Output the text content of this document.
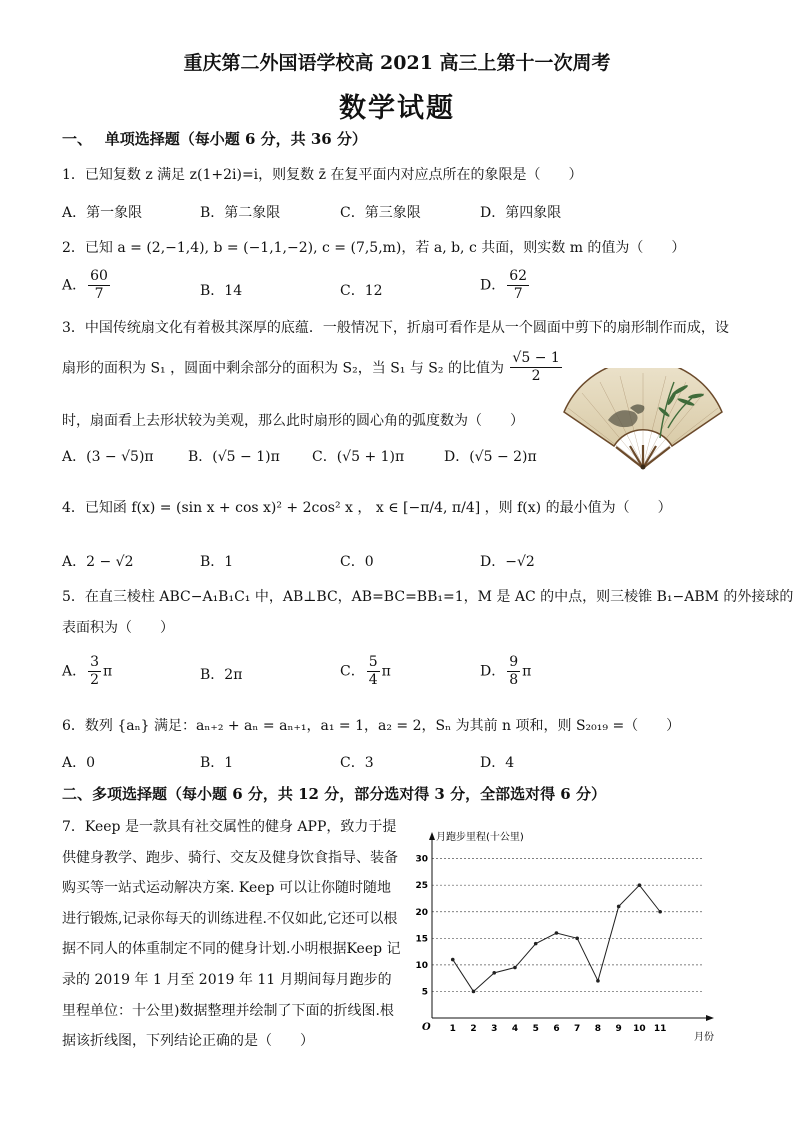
重庆第二外国语学校高 2021 高三上第十一次周考
数学试题
一、　 单项选择题（每小题 6 分，共 36 分）
1．已知复数 z 满足 z(1+2i)=i，则复数 z̄ 在复平面内对应点所在的象限是（　　）
A．第一象限	B．第二象限	C．第三象限	D．第四象限
2．已知 a = (2,−1,4), b = (−1,1,−2), c = (7,5,m)，若 a, b, c 共面，则实数 m 的值为（　　）
A． $\frac{60}{7}$	B．14	C．12	D． $\frac{62}{7}$
3．中国传统扇文化有着极其深厚的底蕴．一般情况下，折扇可看作是从一个圆面中剪下的扇形制作而成，设
扇形的面积为 S₁ ，圆面中剩余部分的面积为 S₂，当 S₁ 与 S₂ 的比值为 $\frac{√5 - 1}{2}$
时，扇面看上去形状较为美观，那么此时扇形的圆心角的弧度数为（　　）
A．(3 − √5)π B．(√5 − 1)π C．(√5 + 1)π	D．(√5 − 2)π
4．已知函 f(x) = (sin x + cos x)² + 2cos² x ， x ∈ [−π/4, π/4] ，则 f(x) 的最小值为（　　）
A．2 − √2	B．1	C．0	D．−√2
5．在直三棱柱 ABC−A₁B₁C₁ 中，AB⊥BC，AB=BC=BB₁=1，M 是 AC 的中点，则三棱锥 B₁−ABM 的外接球的
表面积为（　　）
A． $\frac{3}{2}$ π	B．2π	C． $\frac{5}{4}$ π	D． $\frac{9}{8}$ π
6．数列 {aₙ} 满足：aₙ₊₂ + aₙ = aₙ₊₁，a₁ = 1，a₂ = 2，Sₙ 为其前 n 项和，则 S₂₀₁₉ =（　　）
A．0	B．1	C．3	D．4
二、多项选择题（每小题 6 分，共 12 分，部分选对得 3 分，全部选对得 6 分）
7．Keep 是一款具有社交属性的健身 APP，致力于提供健身教学、跑步、骑行、交友及健身饮食指导、装备购买等一站式运动解决方案. Keep 可以让你随时随地进行锻炼,记录你每天的训练进程.不仅如此,它还可以根据不同人的体重制定不同的健身计划.小明根据Keep 记录的 2019 年 1 月至 2019 年 11 月期间每月跑步的里程单位：十公里)数据整理并绘制了下面的折线图.根据该折线图，下列结论正确的是（　　）
5
10
15
20
25
30
O
月跑步里程(十公里)
月份
1 2 3 4 5 6 7 8 9 10 11
